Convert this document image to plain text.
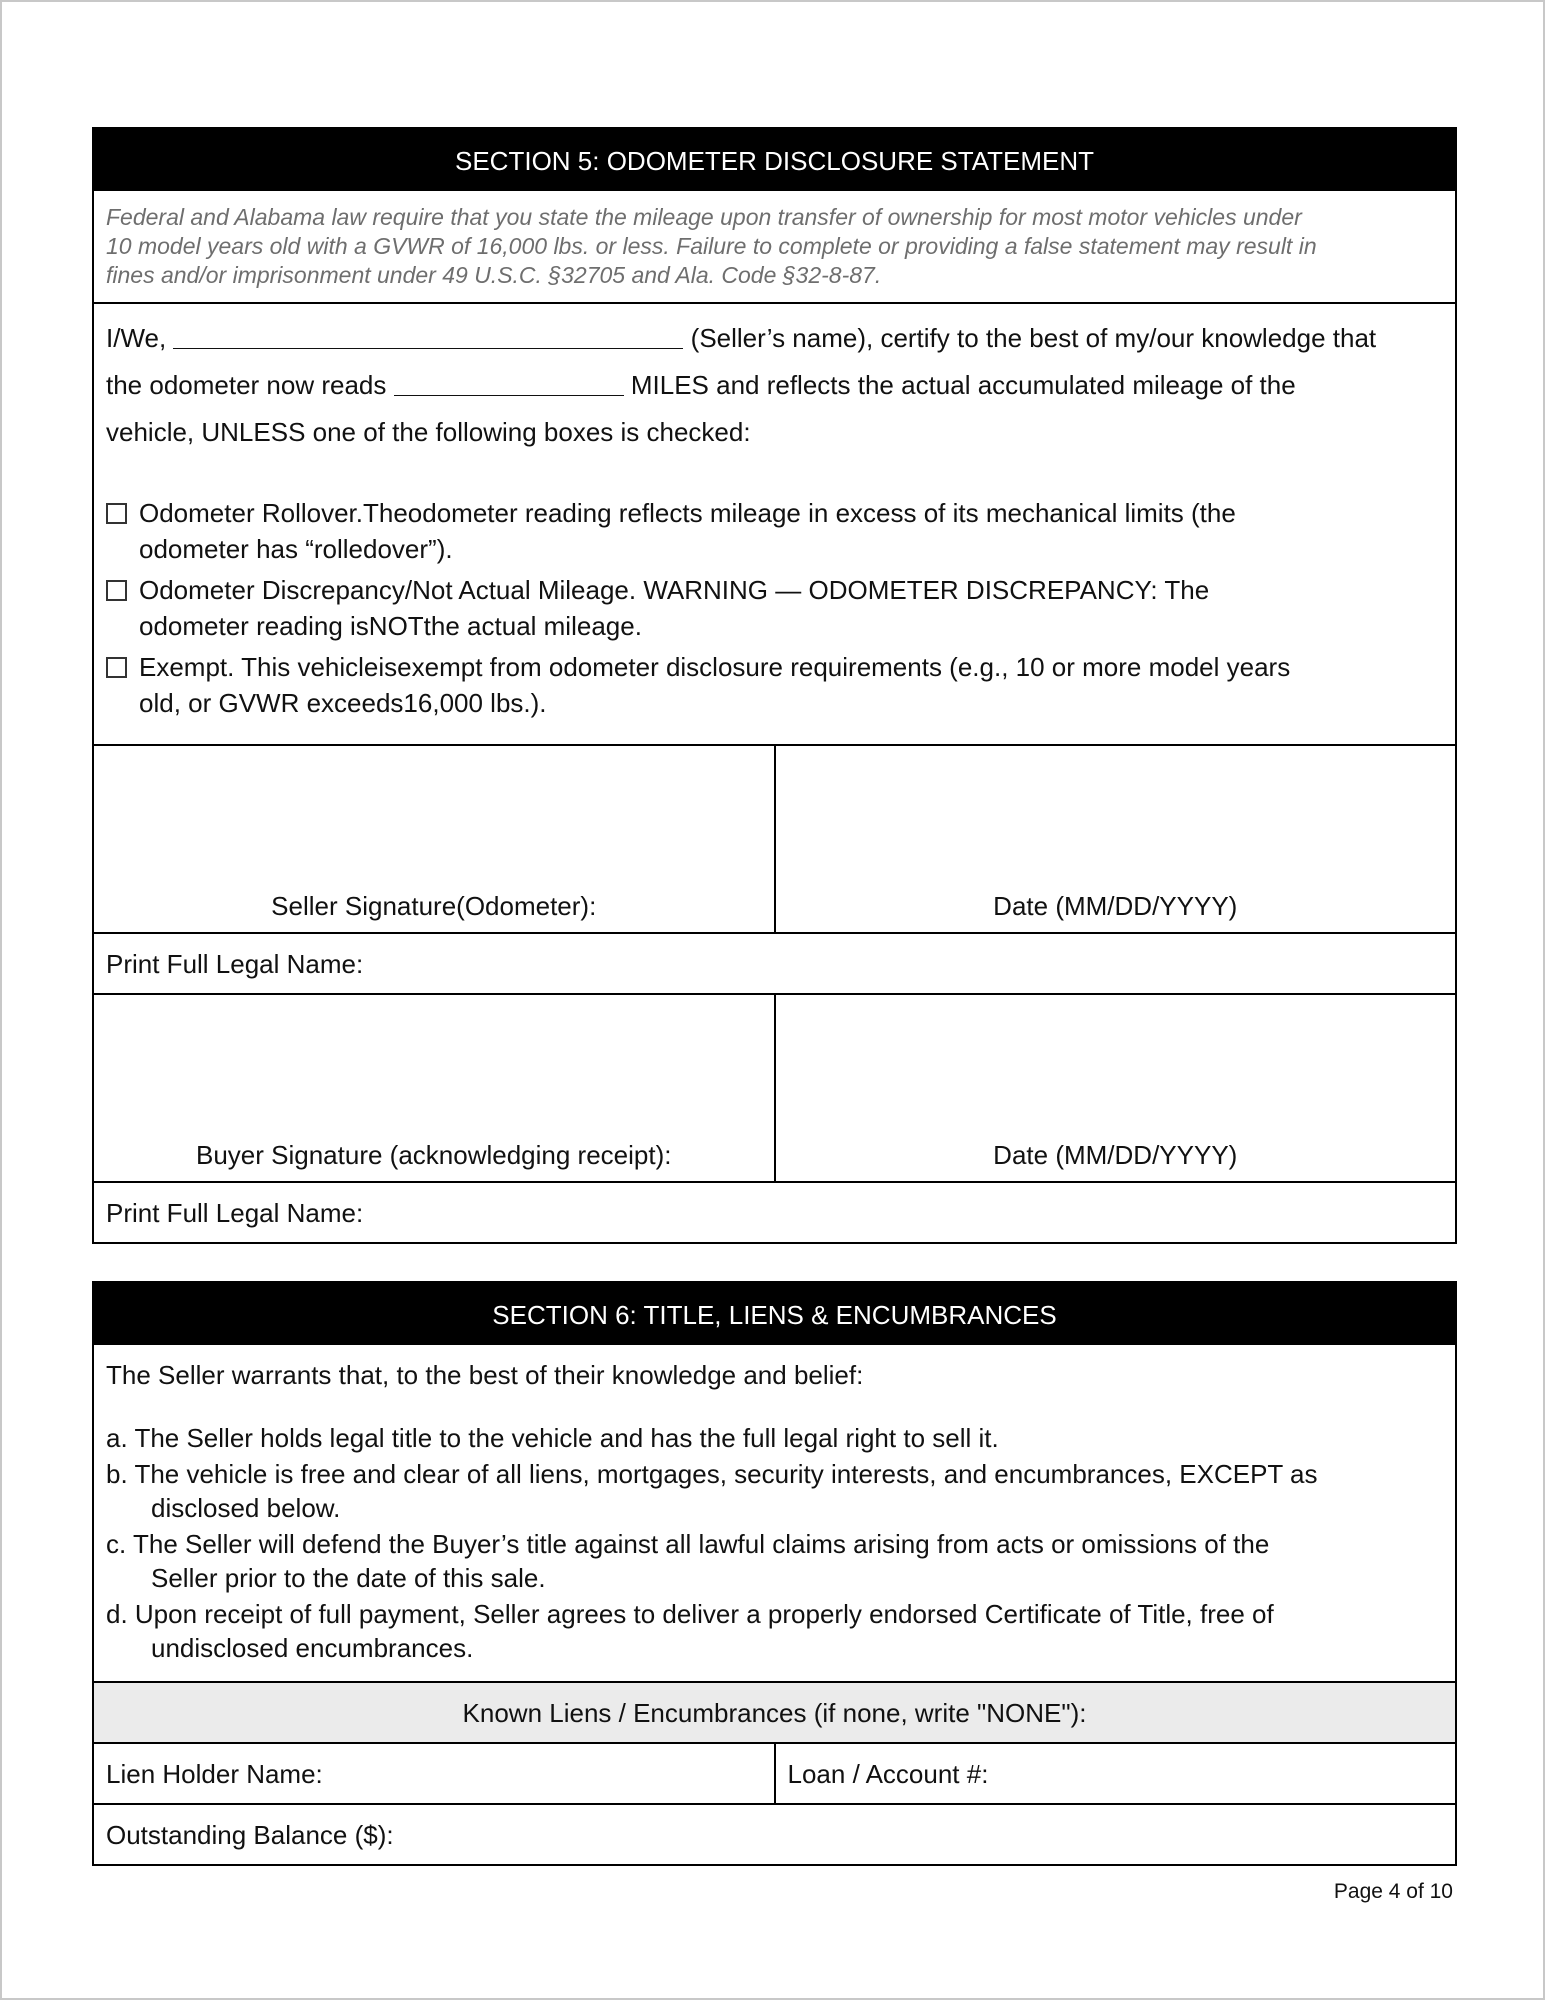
SECTION 5: ODOMETER DISCLOSURE STATEMENT
Federal and Alabama law require that you state the mileage upon transfer of ownership for most motor vehicles under
10 model years old with a GVWR of 16,000 lbs. or less. Failure to complete or providing a false statement may result in
fines and/or imprisonment under 49 U.S.C. §32705 and Ala. Code §32-8-87.
I/We,	(Seller’s name), certify to the best of my/our knowledge that
the odometer now reads	MILES and reflects the actual accumulated mileage of the
vehicle, UNLESS one of the following boxes is checked:
Odometer Rollover.Theodometer reading reflects mileage in excess of its mechanical limits (the
odometer has “rolledover”).
Odometer Discrepancy/Not Actual Mileage. WARNING — ODOMETER DISCREPANCY: The
odometer reading isNOTthe actual mileage.
Exempt. This vehicleisexempt from odometer disclosure requirements (e.g., 10 or more model years
old, or GVWR exceeds16,000 lbs.).
Seller Signature(Odometer):	Date (MM/DD/YYYY)
Print Full Legal Name:
Buyer Signature (acknowledging receipt):	Date (MM/DD/YYYY)
Print Full Legal Name:
SECTION 6: TITLE, LIENS & ENCUMBRANCES
The Seller warrants that, to the best of their knowledge and belief:
a. The Seller holds legal title to the vehicle and has the full legal right to sell it.
b. The vehicle is free and clear of all liens, mortgages, security interests, and encumbrances, EXCEPT as
disclosed below.
c. The Seller will defend the Buyer’s title against all lawful claims arising from acts or omissions of the
Seller prior to the date of this sale.
d. Upon receipt of full payment, Seller agrees to deliver a properly endorsed Certificate of Title, free of
undisclosed encumbrances.
Known Liens / Encumbrances (if none, write "NONE"):
Lien Holder Name:	Loan / Account #:
Outstanding Balance ($):
Page 4 of 10
